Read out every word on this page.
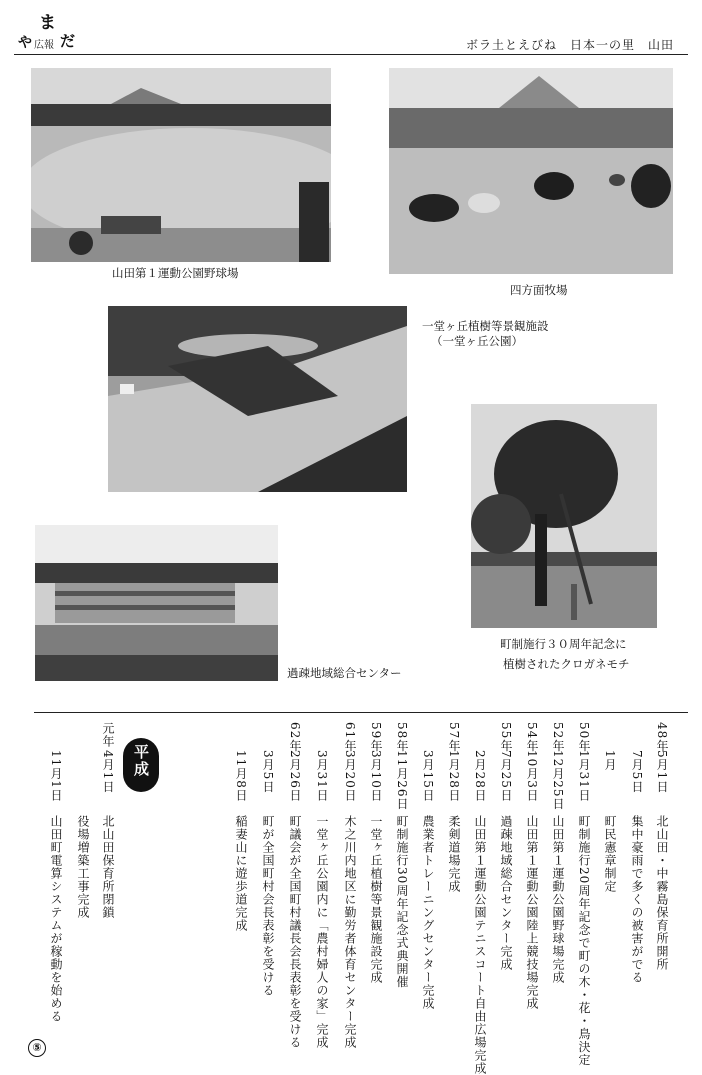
ま
や 広報 だ	ボラ土とえびね　日本一の里　山田
山田第１運動公園野球場
四方面牧場
一堂ヶ丘植樹等景観施設
（一堂ヶ丘公園）
町制施行３０周年記念に
植樹されたクロガネモチ
過疎地域総合センター
平成
48年
5月1日
北山田・中霧島保育所開所
7月5日
集中豪雨で多くの被害がでる
1月
町民憲章制定
50年
1月31日
町制施行20周年記念で町の木・花・鳥決定
52年
12月25日
山田第１運動公園野球場完成
54年
10月3日
山田第１運動公園陸上競技場完成
55年
7月25日
過疎地域総合センター完成
2月28日
山田第１運動公園テニスコート自由広場完成
57年
1月28日
柔剣道場完成
3月15日
農業者トレーニングセンター完成
58年
11月26日
町制施行30周年記念式典開催
59年
3月10日
一堂ヶ丘植樹等景観施設完成
61年
3月20日
木之川内地区に勤労者体育センター完成
3月31日
一堂ヶ丘公園内に「農村婦人の家」完成
62年
2月26日
町議会が全国町村議長会長表彰を受ける
3月5日
町が全国町村会長表彰を受ける
11月8日
稲妻山に遊歩道完成
元年
4月1日
北山田保育所閉鎖
役場増築工事完成
11月1日
山田町電算システムが稼動を始める
⑤
